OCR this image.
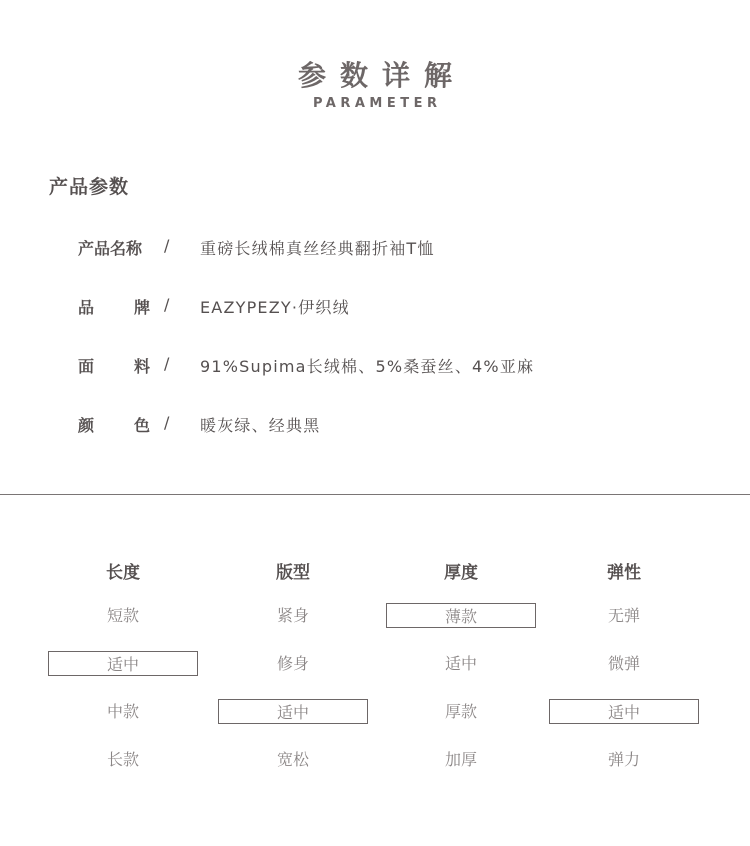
参数详解
PARAMETER
产品参数
产品名称 / 重磅长绒棉真丝经典翻折袖T恤
品 牌 / EAZYPEZY·伊织绒
面 料 / 91%Supima长绒棉、5%桑蚕丝、4%亚麻
颜 色 / 暖灰绿、经典黑
长度
短款
适中
中款
长款
版型
紧身
修身
适中
宽松
厚度
薄款
适中
厚款
加厚
弹性
无弹
微弹
适中
弹力
